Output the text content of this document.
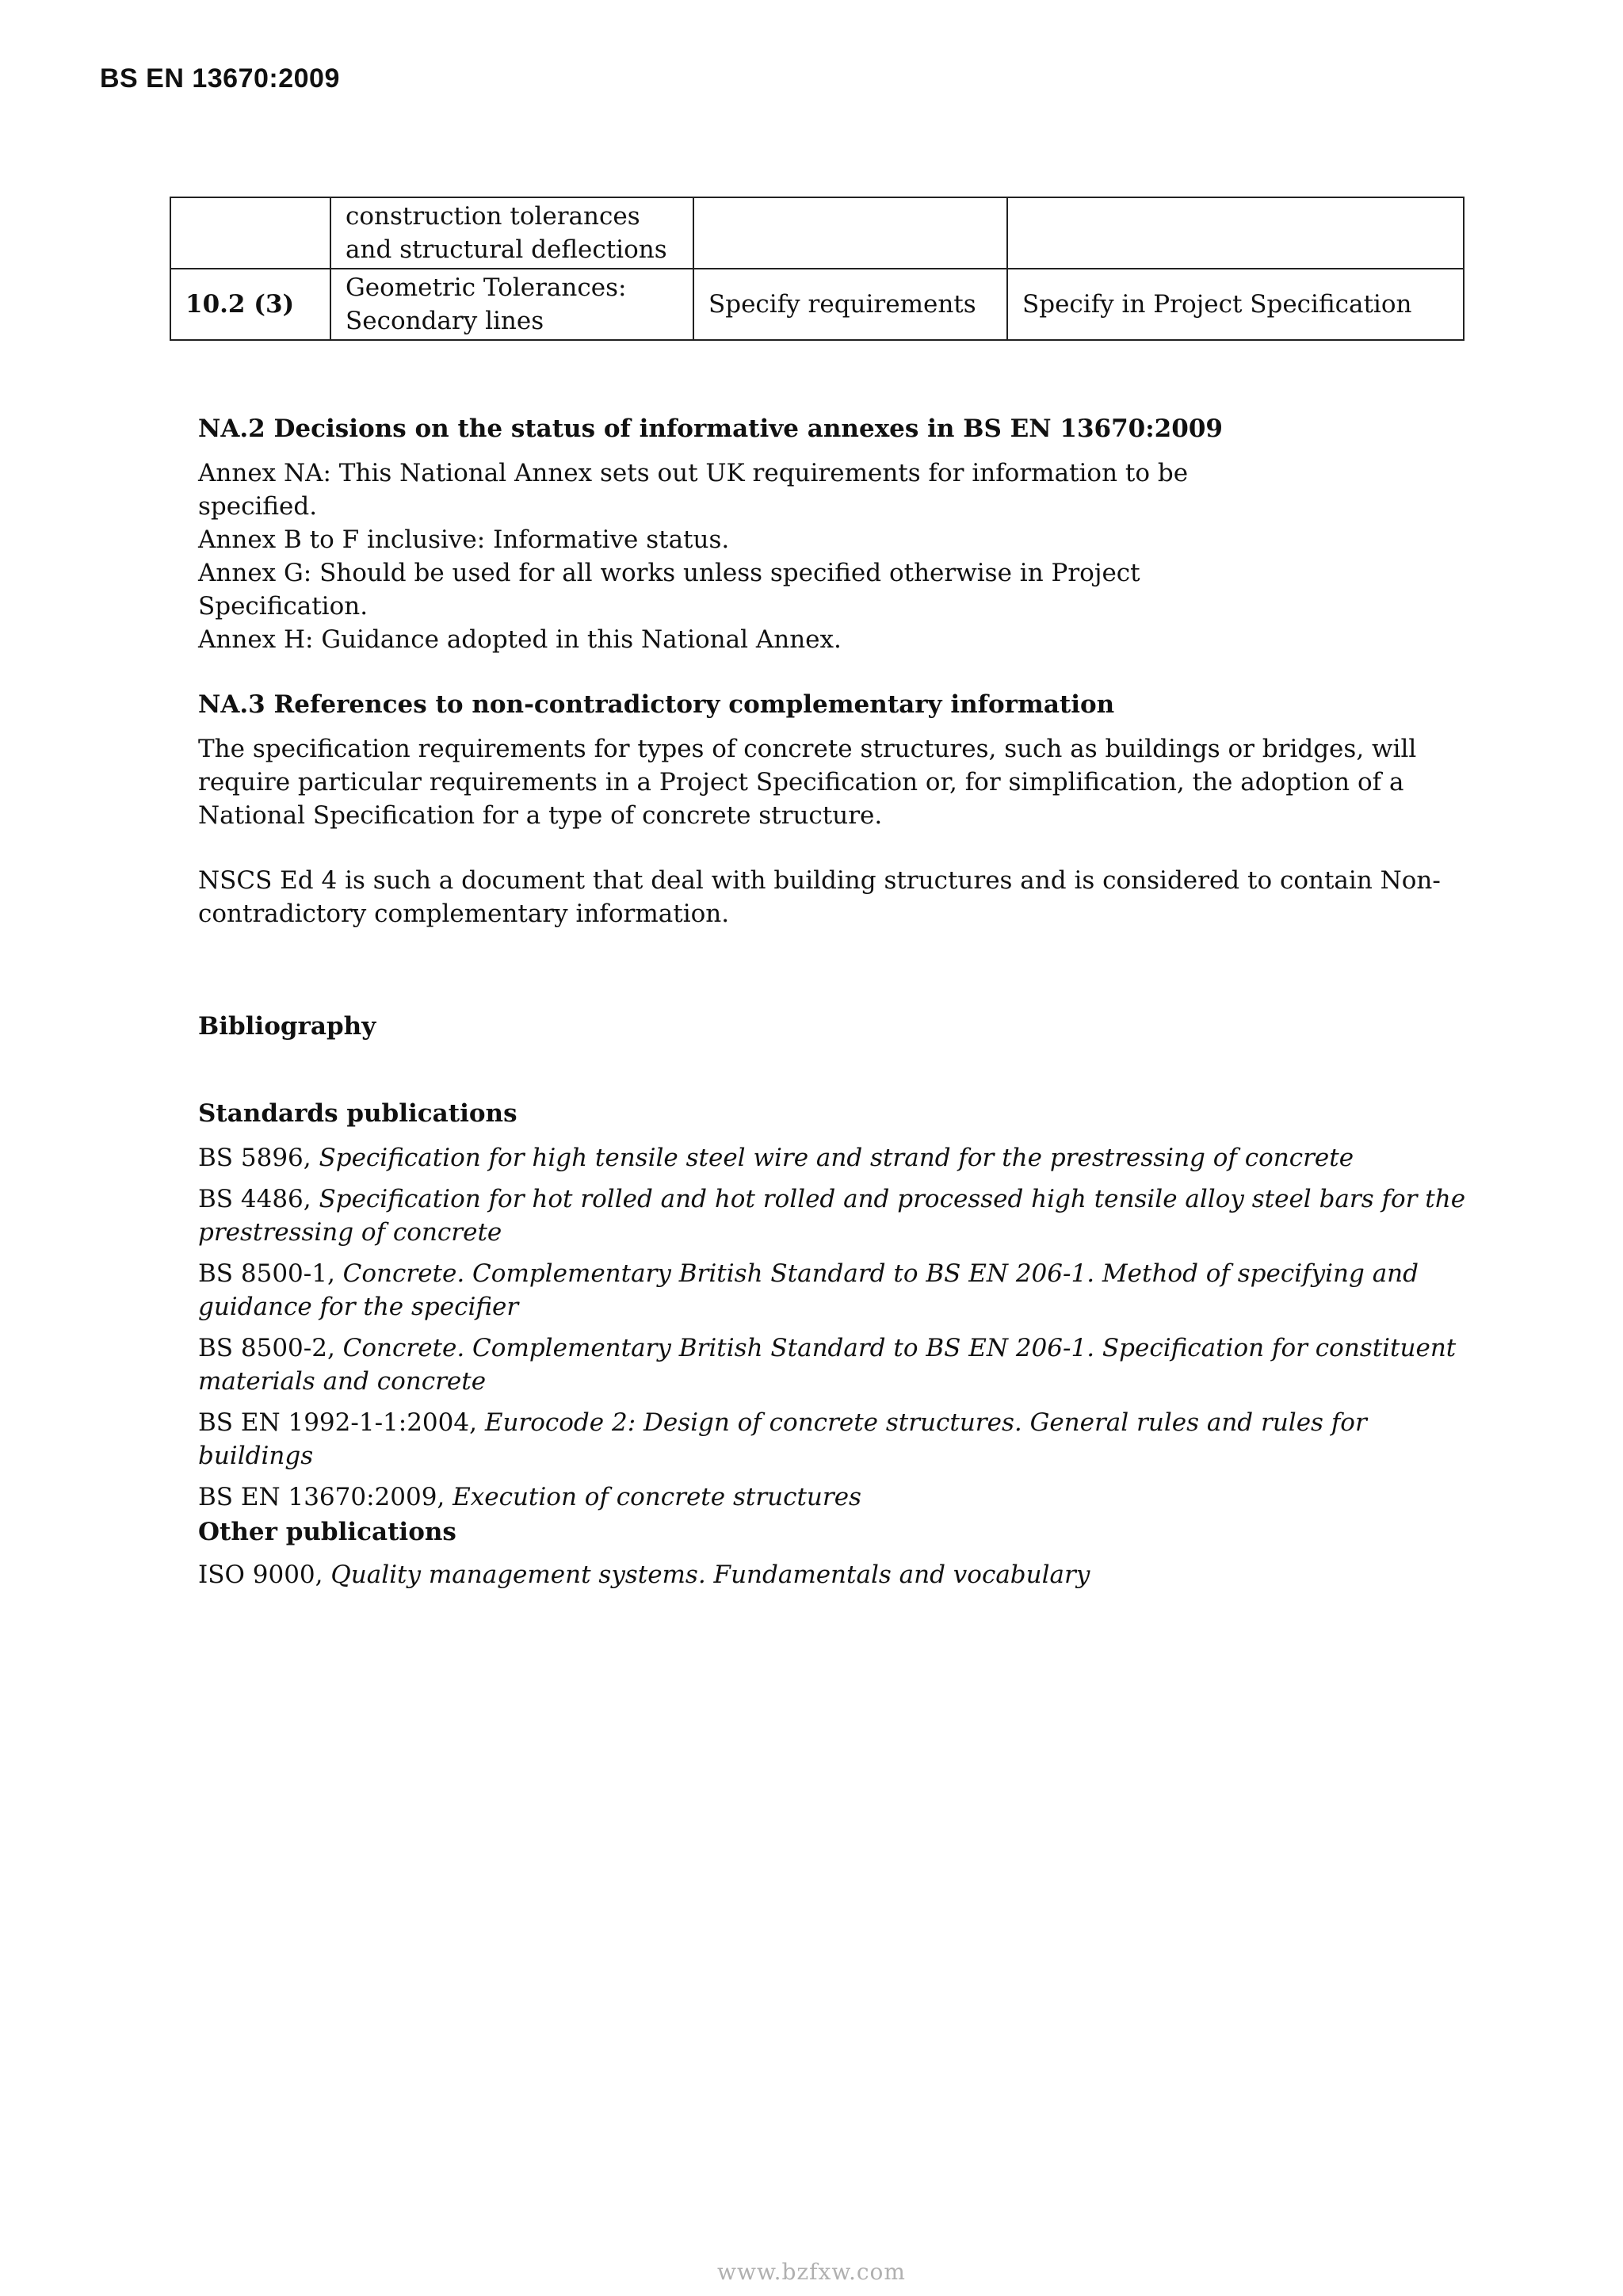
BS EN 13670:2009
	construction tolerances and structural deflections		
10.2 (3)	Geometric Tolerances: Secondary lines	Specify requirements	Specify in Project Specification

NA.2 Decisions on the status of informative annexes in BS EN 13670:2009

Annex NA: This National Annex sets out UK requirements for information to be specified.

Annex B to F inclusive: Informative status.

Annex G: Should be used for all works unless specified otherwise in Project Specification.

Annex H: Guidance adopted in this National Annex.

NA.3 References to non-contradictory complementary information

The specification requirements for types of concrete structures, such as buildings or bridges, will require particular requirements in a Project Specification or, for simplification, the adoption of a National Specification for a type of concrete structure.

NSCS Ed 4 is such a document that deal with building structures and is considered to contain Non-contradictory complementary information.

Bibliography

Standards publications

BS 5896, Specification for high tensile steel wire and strand for the prestressing of concrete

BS 4486, Specification for hot rolled and hot rolled and processed high tensile alloy steel bars for the prestressing of concrete

BS 8500-1, Concrete. Complementary British Standard to BS EN 206-1. Method of specifying and guidance for the specifier

BS 8500-2, Concrete. Complementary British Standard to BS EN 206-1. Specification for constituent materials and concrete

BS EN 1992-1-1:2004, Eurocode 2: Design of concrete structures. General rules and rules for buildings

BS EN 13670:2009, Execution of concrete structures

Other publications

ISO 9000, Quality management systems. Fundamentals and vocabulary

www.bzfxw.com
